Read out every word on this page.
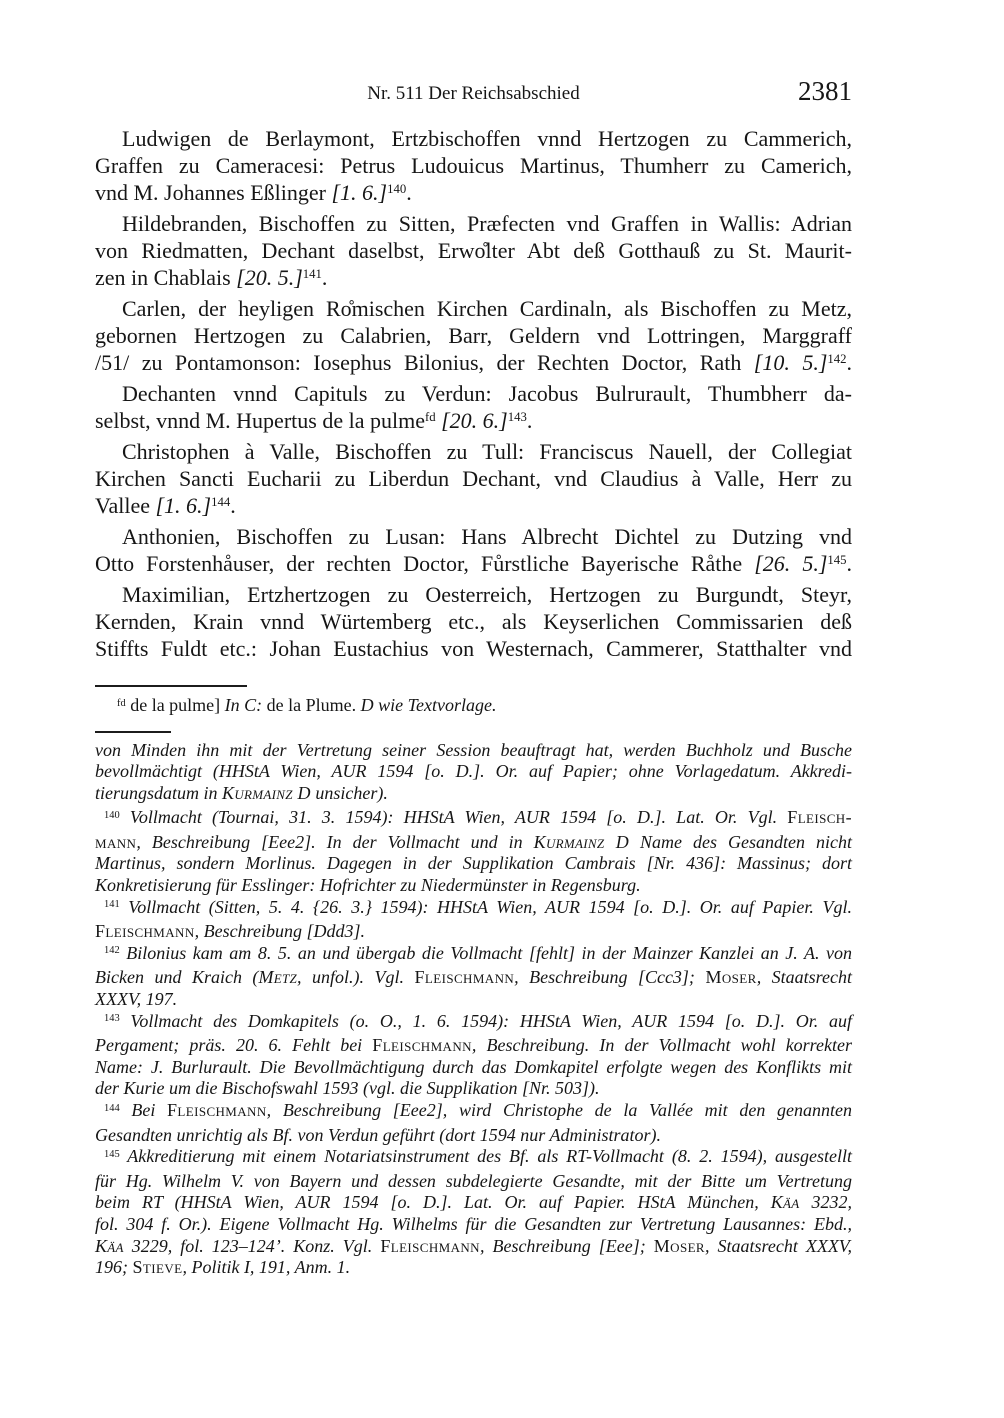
Nr. 511 Der Reichsabschied	2381
Ludwigen de Berlaymont, Ertzbischoffen vnnd Hertzogen zu Cammerich,
Graffen zu Cameracesi: Petrus Ludouicus Martinus, Thumherr zu Camerich,
vnd M. Johannes Eßlinger [1. 6.]$^{140}$.
Hildebranden, Bischoffen zu Sitten, Præfecten vnd Graffen in Wallis: Adrian
von Riedmatten, Dechant daselbst, Erwo̊lter Abt deß Gotthauß zu St. Maurit-
zen in Chablais [20. 5.]$^{141}$.
Carlen, der heyligen Ro̊mischen Kirchen Cardinaln, als Bischoffen zu Metz,
gebornen Hertzogen zu Calabrien, Barr, Geldern vnd Lottringen, Marggraff
/51/ zu Pontamonson: Iosephus Bilonius, der Rechten Doctor, Rath [10. 5.]$^{142}$.
Dechanten vnnd Capituls zu Verdun: Jacobus Bulrurault, Thumbherr da-
selbst, vnnd M. Hupertus de la pulme$^{fd}$ [20. 6.]$^{143}$.
Christophen à Valle, Bischoffen zu Tull: Franciscus Nauell, der Collegiat
Kirchen Sancti Eucharii zu Liberdun Dechant, vnd Claudius à Valle, Herr zu
Vallee [1. 6.]$^{144}$.
Anthonien, Bischoffen zu Lusan: Hans Albrecht Dichtel zu Dutzing vnd
Otto Forstenhåuser, der rechten Doctor, Fůrstliche Bayerische Råthe [26. 5.]$^{145}$.
Maximilian, Ertzhertzogen zu Oesterreich, Hertzogen zu Burgundt, Steyr,
Kernden, Krain vnnd Würtemberg etc., als Keyserlichen Commissarien deß
Stiffts Fuldt etc.: Johan Eustachius von Westernach, Cammerer, Statthalter vnd
$^{fd}$ de la pulme] In C: de la Plume. D wie Textvorlage.
von Minden ihn mit der Vertretung seiner Session beauftragt hat, werden Buchholz und Busche
bevollmächtigt (HHStA Wien, AUR 1594 [o. D.]. Or. auf Papier; ohne Vorlagedatum. Akkredi-
tierungsdatum in Kurmainz D unsicher).
$^{140}$ Vollmacht (Tournai, 31. 3. 1594): HHStA Wien, AUR 1594 [o. D.]. Lat. Or. Vgl. Fleisch-
mann, Beschreibung [Eee2]. In der Vollmacht und in Kurmainz D Name des Gesandten nicht
Martinus, sondern Morlinus. Dagegen in der Supplikation Cambrais [Nr. 436]: Massinus; dort
Konkretisierung für Esslinger: Hofrichter zu Niedermünster in Regensburg.
$^{141}$ Vollmacht (Sitten, 5. 4. {26. 3.} 1594): HHStA Wien, AUR 1594 [o. D.]. Or. auf Papier. Vgl.
Fleischmann, Beschreibung [Ddd3].
$^{142}$ Bilonius kam am 8. 5. an und übergab die Vollmacht [fehlt] in der Mainzer Kanzlei an J. A. von
Bicken und Kraich (Metz, unfol.). Vgl. Fleischmann, Beschreibung [Ccc3]; Moser, Staatsrecht
XXXV, 197.
$^{143}$ Vollmacht des Domkapitels (o. O., 1. 6. 1594): HHStA Wien, AUR 1594 [o. D.]. Or. auf
Pergament; präs. 20. 6. Fehlt bei Fleischmann, Beschreibung. In der Vollmacht wohl korrekter
Name: J. Burlurault. Die Bevollmächtigung durch das Domkapitel erfolgte wegen des Konflikts mit
der Kurie um die Bischofswahl 1593 (vgl. die Supplikation [Nr. 503]).
$^{144}$ Bei Fleischmann, Beschreibung [Eee2], wird Christophe de la Vallée mit den genannten
Gesandten unrichtig als Bf. von Verdun geführt (dort 1594 nur Administrator).
$^{145}$ Akkreditierung mit einem Notariatsinstrument des Bf. als RT-Vollmacht (8. 2. 1594), ausgestellt
für Hg. Wilhelm V. von Bayern und dessen subdelegierte Gesandte, mit der Bitte um Vertretung
beim RT (HHStA Wien, AUR 1594 [o. D.]. Lat. Or. auf Papier. HStA München, Käa 3232,
fol. 304 f. Or.). Eigene Vollmacht Hg. Wilhelms für die Gesandten zur Vertretung Lausannes: Ebd.,
Käa 3229, fol. 123–124’. Konz. Vgl. Fleischmann, Beschreibung [Eee]; Moser, Staatsrecht XXXV,
196; Stieve, Politik I, 191, Anm. 1.
